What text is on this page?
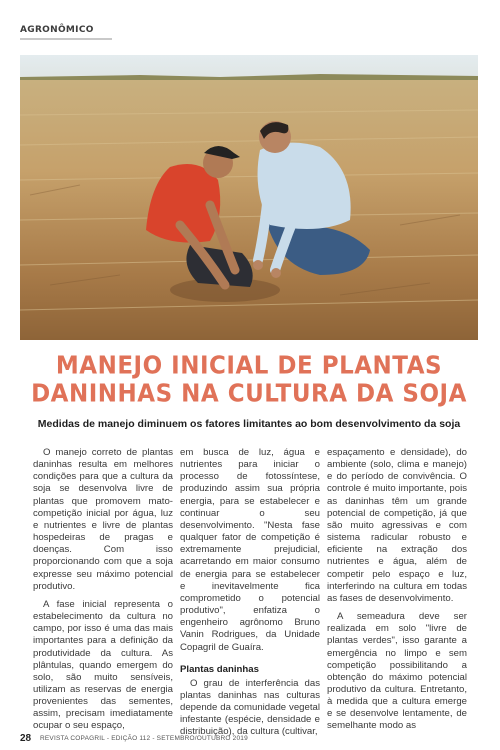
AGRONÔMICO
MANEJO INICIAL DE PLANTAS
DANINHAS NA CULTURA DA SOJA
Medidas de manejo diminuem os fatores limitantes ao bom desenvolvimento da soja

O manejo correto de plantas daninhas resulta em melhores condições para que a cultura da soja se desenvolva livre de plantas que promovem mato-competição inicial por água, luz e nutrientes e livre de plantas hospedeiras de pragas e doenças. Com isso proporcionando com que a soja expresse seu máximo potencial produtivo.

A fase inicial representa o estabelecimento da cultura no campo, por isso é uma das mais importantes para a definição da produtividade da cultura. As plântulas, quando emergem do solo, são muito sensíveis, utilizam as reservas de energia provenientes das sementes, assim, precisam imediatamente ocupar o seu espaço,

em busca de luz, água e nutrientes para iniciar o processo de fotossíntese, produzindo assim sua própria energia, para se estabelecer e continuar o seu desenvolvimento. "Nesta fase qualquer fator de competição é extremamente prejudicial, acarretando em maior consumo de energia para se estabelecer e inevitavelmente fica comprometido o potencial produtivo", enfatiza o engenheiro agrônomo Bruno Vanin Rodrigues, da Unidade Copagril de Guaíra.

Plantas daninhas

O grau de interferência das plantas daninhas nas culturas depende da comunidade vegetal infestante (espécie, densidade e distribuição), da cultura (cultivar,

espaçamento e densidade), do ambiente (solo, clima e manejo) e do período de convivência. O controle é muito importante, pois as daninhas têm um grande potencial de competição, já que são muito agressivas e com sistema radicular robusto e eficiente na extração dos nutrientes e água, além de competir pelo espaço e luz, interferindo na cultura em todas as fases de desenvolvimento.

A semeadura deve ser realizada em solo "livre de plantas verdes", isso garante a emergência no limpo e sem competição possibilitando a obtenção do máximo potencial produtivo da cultura. Entretanto, à medida que a cultura emerge e se desenvolve lentamente, de semelhante modo as

28 REVISTA COPAGRIL - EDIÇÃO 112 - SETEMBRO/OUTUBRO 2019
